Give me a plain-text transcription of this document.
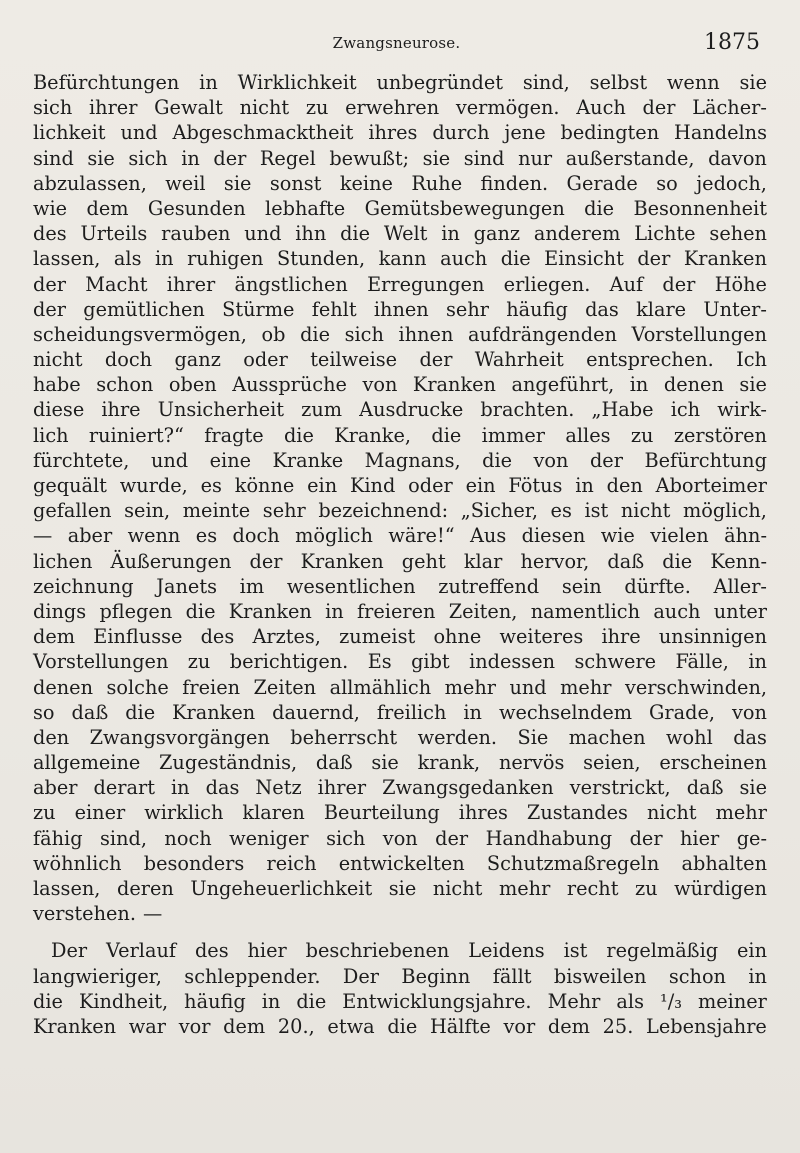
Zwangsneurose.	1875
Befürchtungen in Wirklichkeit unbegründet sind, selbst wenn sie
sich ihrer Gewalt nicht zu erwehren vermögen. Auch der Lächer-
lichkeit und Abgeschmacktheit ihres durch jene bedingten Handelns
sind sie sich in der Regel bewußt; sie sind nur außerstande, davon
abzulassen, weil sie sonst keine Ruhe finden. Gerade so jedoch,
wie dem Gesunden lebhafte Gemütsbewegungen die Besonnenheit
des Urteils rauben und ihn die Welt in ganz anderem Lichte sehen
lassen, als in ruhigen Stunden, kann auch die Einsicht der Kranken
der Macht ihrer ängstlichen Erregungen erliegen. Auf der Höhe
der gemütlichen Stürme fehlt ihnen sehr häufig das klare Unter-
scheidungsvermögen, ob die sich ihnen aufdrängenden Vorstellungen
nicht doch ganz oder teilweise der Wahrheit entsprechen. Ich
habe schon oben Aussprüche von Kranken angeführt, in denen sie
diese ihre Unsicherheit zum Ausdrucke brachten. „Habe ich wirk-
lich ruiniert?“ fragte die Kranke, die immer alles zu zerstören
fürchtete, und eine Kranke Magnans, die von der Befürchtung
gequält wurde, es könne ein Kind oder ein Fötus in den Aborteimer
gefallen sein, meinte sehr bezeichnend: „Sicher, es ist nicht möglich,
— aber wenn es doch möglich wäre!“ Aus diesen wie vielen ähn-
lichen Äußerungen der Kranken geht klar hervor, daß die Kenn-
zeichnung Janets im wesentlichen zutreffend sein dürfte. Aller-
dings pflegen die Kranken in freieren Zeiten, namentlich auch unter
dem Einflusse des Arztes, zumeist ohne weiteres ihre unsinnigen
Vorstellungen zu berichtigen. Es gibt indessen schwere Fälle, in
denen solche freien Zeiten allmählich mehr und mehr verschwinden,
so daß die Kranken dauernd, freilich in wechselndem Grade, von
den Zwangsvorgängen beherrscht werden. Sie machen wohl das
allgemeine Zugeständnis, daß sie krank, nervös seien, erscheinen
aber derart in das Netz ihrer Zwangsgedanken verstrickt, daß sie
zu einer wirklich klaren Beurteilung ihres Zustandes nicht mehr
fähig sind, noch weniger sich von der Handhabung der hier ge-
wöhnlich besonders reich entwickelten Schutzmaßregeln abhalten
lassen, deren Ungeheuerlichkeit sie nicht mehr recht zu würdigen
verstehen. —
Der Verlauf des hier beschriebenen Leidens ist regelmäßig ein
langwieriger, schleppender. Der Beginn fällt bisweilen schon in
die Kindheit, häufig in die Entwicklungsjahre. Mehr als ¹/₃ meiner
Kranken war vor dem 20., etwa die Hälfte vor dem 25. Lebensjahre
